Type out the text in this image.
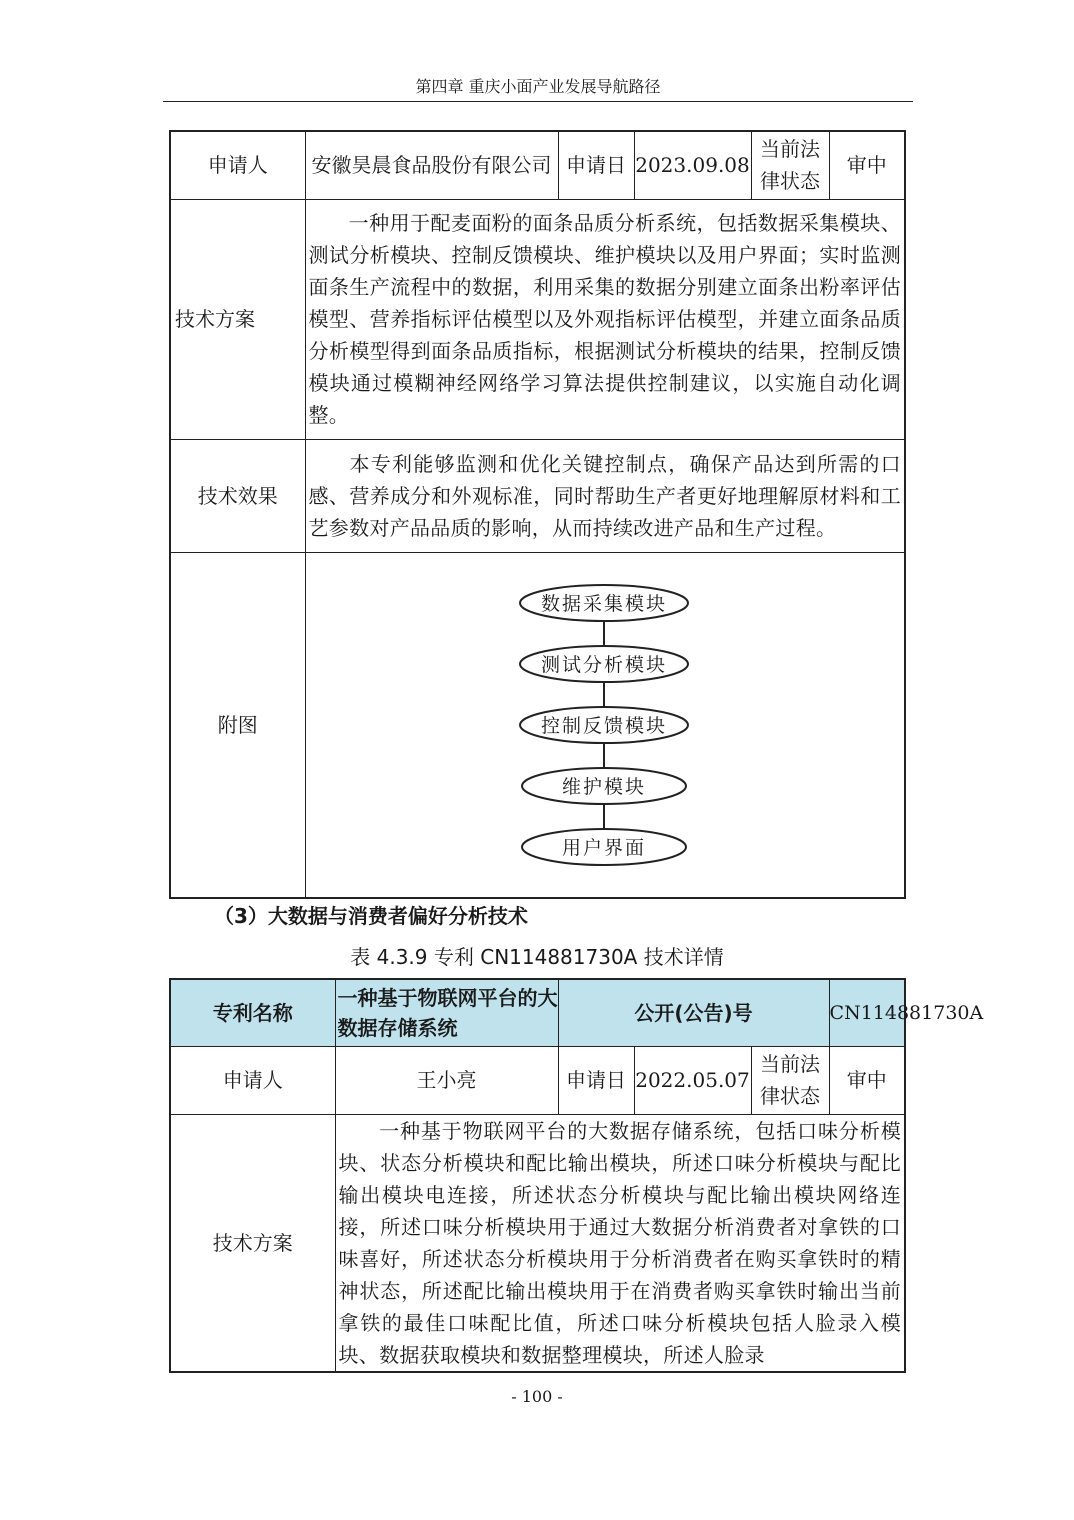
第四章 重庆小面产业发展导航路径
申请人	安徽昊晨食品股份有限公司	申请日	2023.09.08	当前法律状态	审中
技术方案	一种用于配麦面粉的面条品质分析系统，包括数据采集模块、测试分析模块、控制反馈模块、维护模块以及用户界面；实时监测面条生产流程中的数据，利用采集的数据分别建立面条出粉率评估模型、营养指标评估模型以及外观指标评估模型，并建立面条品质分析模型得到面条品质指标，根据测试分析模块的结果，控制反馈模块通过模糊神经网络学习算法提供控制建议，以实施自动化调整。				
技术效果	本专利能够监测和优化关键控制点，确保产品达到所需的口感、营养成分和外观标准，同时帮助生产者更好地理解原材料和工艺参数对产品品质的影响，从而持续改进产品和生产过程。				
附图	数据采集模块
测试分析模块
控制反馈模块
维护模块
用户界面				
（3）大数据与消费者偏好分析技术
表 4.3.9 专利 CN114881730A 技术详情
专利名称	一种基于物联网平台的大数据存储系统	公开(公告)号			CN114881730A
申请人	王小亮	申请日	2022.05.07	当前法律状态	审中
技术方案	一种基于物联网平台的大数据存储系统，包括口味分析模块、状态分析模块和配比输出模块，所述口味分析模块与配比输出模块电连接，所述状态分析模块与配比输出模块网络连接，所述口味分析模块用于通过大数据分析消费者对拿铁的口味喜好，所述状态分析模块用于分析消费者在购买拿铁时的精神状态，所述配比输出模块用于在消费者购买拿铁时输出当前拿铁的最佳口味配比值，所述口味分析模块包括人脸录入模块、数据获取模块和数据整理模块，所述人脸录				
- 100 -
